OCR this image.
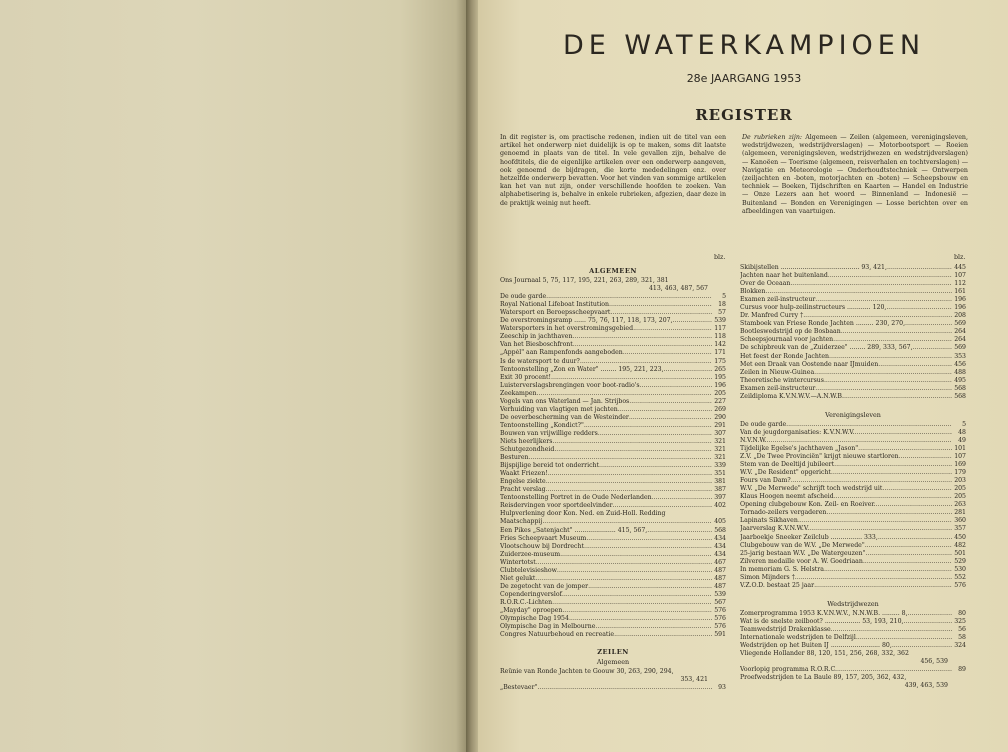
DE WATERKAMPIOEN
28e JAARGANG 1953
REGISTER
In dit register is, om practische redenen, indien uit de titel van een artikel het onderwerp niet duidelijk is op te maken, soms dit laatste genoemd in plaats van de titel. In vele gevallen zijn, behalve de hoofdtitels, die de eigenlijke artikelen over een onderwerp aangeven, ook genoemd de bijdragen, die korte mededelingen enz. over hetzelfde onderwerp bevatten. Voor het vinden van sommige artikelen kan het van nut zijn, onder verschillende hoofden te zoeken. Van alphabetisering is, behalve in enkele rubrieken, afgezien, daar deze in de praktijk weinig nut heeft.
De rubrieken zijn: Algemeen — Zeilen (algemeen, verenigingsleven, wedstrijdwezen, wedstrijdverslagen) — Motorbootsport — Roeien (algemeen, verenigingsleven, wedstrijdwezen en wedstrijdverslagen) — Kanoëen — Toerisme (algemeen, reisverhalen en tochtverslagen) — Navigatie en Meteorologie — Onderhoudtstechniek — Ontwerpen (zeiljachten en -boten, motorjachten en -boten) — Scheepsbouw en techniek — Boeken, Tijdschriften en Kaarten — Handel en Industrie — Onze Lezers aan het woord — Binnenland — Indonesië — Buitenland — Bonden en Verenigingen — Losse berichten over en afbeeldingen van vaartuigen.
blz.	blz.
ALGEMEEN
Ons Journaal 5, 75, 117, 195, 221, 263, 289, 321, 381
413, 463, 487, 567
De oude garde .....	5
Royal National Lifeboat Institution .....	18
Watersport en Beroepsscheepvaart .....	57
De overstromingsramp ...... 75, 76, 117, 118, 173, 207, .....	539
Watersporters in het overstromingsgebied .....	117
Zeeschip in jachthaven .....	118
Van het Biesboschfront .....	142
„Appèl" aan Rampenfonds aangeboden .....	171
Is de watersport te duur? .....	175
Tentoonstelling „Zon en Water" ........ 195, 221, 223, .....	265
Exit 30 procent! .....	195
Luisterverslagsbrengingen voor boot-radio's .....	196
Zeekampen .....	205
Vogels van ons Waterland — Jan. Strijbos .....	227
Verhuiding van vlagtigen met jachten .....	269
De oeverbescherming van de Westeinder .....	290
Tentoonstelling „Kondict?" .....	291
Bouwen van vrijwillige redders .....	307
Niets heerlijkers .....	321
Schutgezondheid .....	321
Besturen .....	321
Bijspijlige bereid tot onderricht .....	339
Waakt Friezen! .....	351
Engelse ziekte .....	381
Pracht verslag .....	387
Tentoonstelling Portret in de Oude Nederlanden .....	397
Reisdervingen voor sportdeelvinder .....	402
Hulpverlening door Kon. Ned. en Zuid-Holl. Redding
Maatschappij .....	405
Een Pikes „Satenjacht" ..................... 415, 567, .....	568
Fries Scheepvaart Museum .....	434
Vlootschouw bij Dordrecht .....	434
Zuiderzee-museum .....	434
Wintertotst .....	467
Clubtelevisieshow .....	487
Niet gelukt .....	487
De zegetocht van de jomper .....	487
Copenderingverslof .....	539
R.O.R.C.-Lichten .....	567
„Mayday" oproepen .....	576
Olympische Dag 1954 .....	576
Olympische Dag in Melbourne .....	576
Congres Natuurbehoud en recreatie .....	591
ZEILEN
Algemeen
Reünie van Ronde Jachten te Goouw 30, 263, 290, 294,
353, 421
„Bestevaer" .....	93
Skibijstellen ........................................ 93, 421, .....	445
Jachten naar het buitenland .....	107
Over de Oceaan .....	112
Blokken .....	161
Examen zeil-instructeur .....	196
Cursus voor hulp-zeilinstructeurs ............ 120, .....	196
Dr. Manfred Curry † .....	208
Stamboek van Friese Ronde Jachten ......... 230, 270, .....	569
Bootleswedstrijd op de Bosbaan .....	264
Scheepsjournaal voor jachten .....	264
De schipbreuk van de „Zuiderzee" ........ 289, 333, 567, .....	569
Het feest der Ronde Jachten .....	353
Met een Draak van Oostende naar IJmuiden .....	456
Zeilen in Nieuw-Guinea .....	488
Theoretische wintercursus .....	495
Examen zeil-instructeur .....	568
Zeildiploma K.V.N.W.V.—A.N.W.B. .....	568
Verenigingsleven
De oude garde .....	5
Van de jeugdorganisaties: K.V.N.W.V. .....	48
N.V.N.W. .....	49
Tijdelijke Egelse's jachthaven „Jason" .....	101
Z.V. „De Twee Provinciën" krijgt nieuwe startloren .....	107
Stem van de Deeltijd jubileert .....	169
W.V. „De Resident" opgericht .....	179
Fours van Dam? .....	203
W.V. „De Merwede" schrijft toch wedstrijd uit .....	205
Klaus Hoogen neemt afscheid .....	205
Opening clubgebouw Kon. Zeil- en Roeiver. .....	263
Tornado-zeilers vergaderen .....	281
Lapinats Sikhaven .....	360
Jaarverslag K.V.N.W.V. .....	357
Jaarboekje Sneeker Zeilclub ................ 333, .....	450
Clubgebouw van de W.V. „De Merwede" .....	482
25-jarig bestaan W.V. „De Watergeuzen" .....	501
Zilveren medaille voor A. W. Goedriaan .....	529
In memoriam G. S. Helstra .....	530
Simon Mijnders † .....	552
V.Z.O.D. bestaat 25 jaar .....	576
Wedstrijdwezen
Zomerprogramma 1953 K.V.N.W.V., N.N.W.B. ......... 8, .....	80
Wat is de snelste zeilboot? .................. 53, 193, 210, .....	325
Teamwedstrijd Drakenklasse .....	56
Internationale wedstrijden te Delfzijl .....	58
Wedstrijden op het Buiten IJ ......................... 80, .....	324
Vliegende Hollander 88, 120, 151, 256, 268, 332, 362
456, 539
Voorlopig programma R.O.R.C. .....	89
Proefwedstrijden te La Baule 89, 157, 205, 362, 432,
439, 463, 539
